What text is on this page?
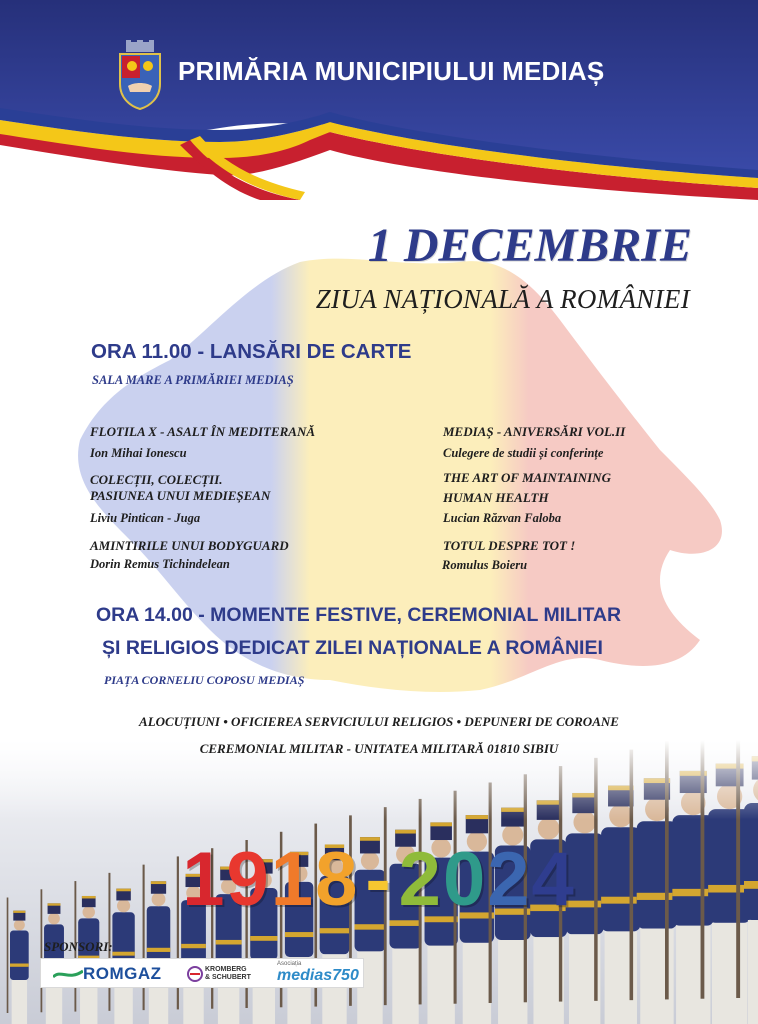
PRIMĂRIA MUNICIPIULUI MEDIAȘ
1 DECEMBRIE
ZIUA NAȚIONALĂ A ROMÂNIEI
ORA 11.00 - LANSĂRI DE CARTE
SALA MARE A PRIMĂRIEI MEDIAȘ
FLOTILA X - ASALT ÎN MEDITERANĂ
Ion Mihai Ionescu
COLECȚII, COLECȚII.
PASIUNEA UNUI MEDIEȘEAN
Liviu Pintican - Juga
AMINTIRILE UNUI BODYGUARD
Dorin Remus Tichindelean
MEDIAȘ - ANIVERSĂRI VOL.II
Culegere de studii și conferințe
THE ART OF MAINTAINING
HUMAN HEALTH
Lucian Răzvan Faloba
TOTUL DESPRE TOT !
Romulus Boieru
ORA 14.00 - MOMENTE FESTIVE, CEREMONIAL MILITAR
ȘI RELIGIOS DEDICAT ZILEI NAȚIONALE A ROMÂNIEI
PIAȚA CORNELIU COPOSU MEDIAȘ
ALOCUȚIUNI • OFICIEREA SERVICIULUI RELIGIOS • DEPUNERI DE COROANE
CEREMONIAL MILITAR - UNITATEA MILITARĂ 01810 SIBIU
1918-2024
SPONSORI:
ROMGAZ	KROMBERG
& SCHUBERT
Asociația
medias750
